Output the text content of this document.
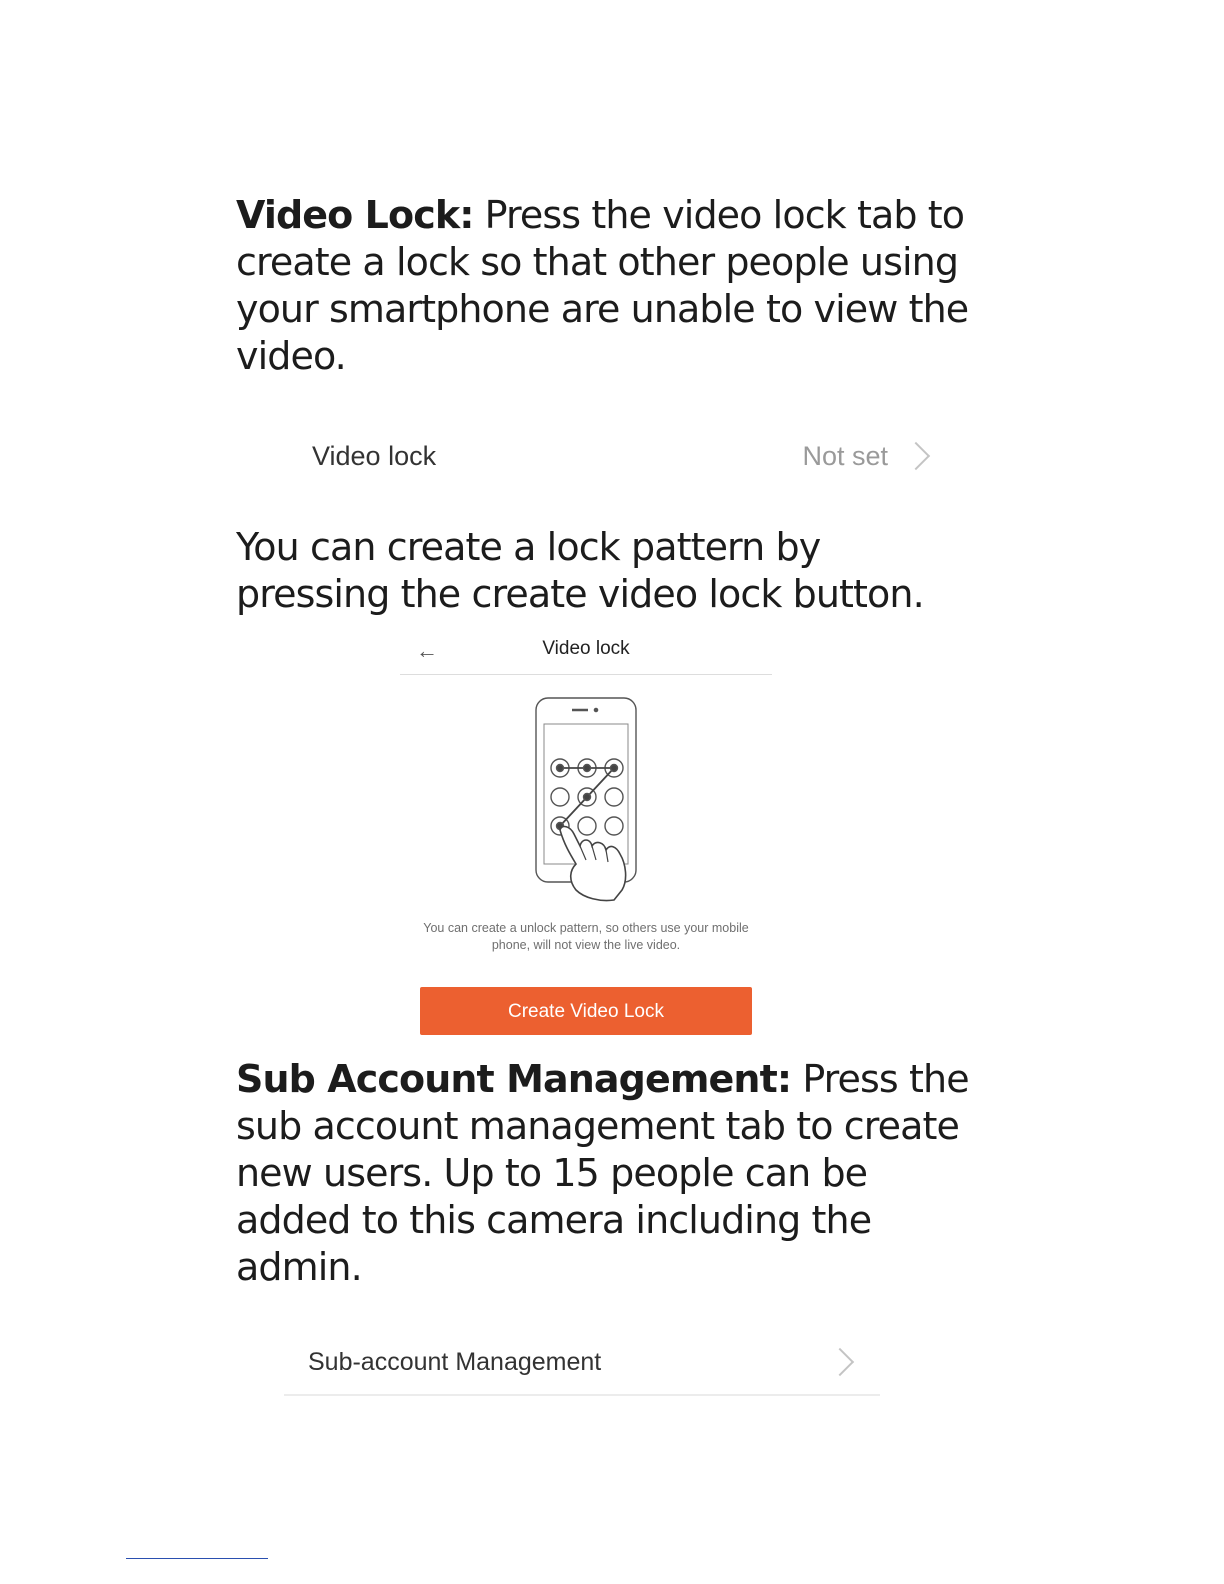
Video Lock: Press the video lock tab to create a lock so that other people using your smartphone are unable to view the video.

Video lock	Not set

You can create a lock pattern by pressing the create video lock button.

←	Video lock
You can create a unlock pattern, so others use your mobile phone, will not view the live video.
Create Video Lock

Sub Account Management: Press the sub account management tab to create new users. Up to 15 people can be added to this camera including the admin.

Sub-account Management
